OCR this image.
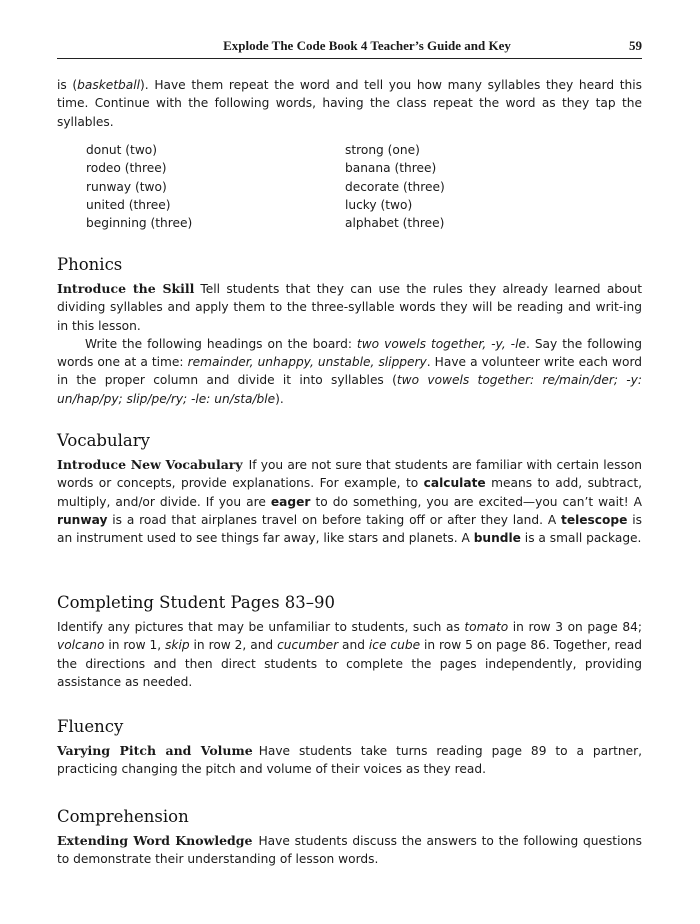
Explode The Code Book 4 Teacher’s Guide and Key	59

is (basketball). Have them repeat the word and tell you how many syllables they heard this time. Continue with the following words, having the class repeat the word as they tap the syllables.

donut (two)
rodeo (three)
runway (two)
united (three)
beginning (three)
strong (one)
banana (three)
decorate (three)
lucky (two)
alphabet (three)
Phonics

Introduce the Skill Tell students that they can use the rules they already learned about dividing syllables and apply them to the three-syllable words they will be reading and writ-ing in this lesson.

Write the following headings on the board: two vowels together, -y, -le. Say the following words one at a time: remainder, unhappy, unstable, slippery. Have a volunteer write each word in the proper column and divide it into syllables (two vowels together: re/main/der; -y: un/hap/py; slip/pe/ry; -le: un/sta/ble).

Vocabulary

Introduce New Vocabulary If you are not sure that students are familiar with certain lesson words or concepts, provide explanations. For example, to calculate means to add, subtract, multiply, and/or divide. If you are eager to do something, you are excited—you can’t wait! A runway is a road that airplanes travel on before taking off or after they land. A telescope is an instrument used to see things far away, like stars and planets. A bundle is a small package.

Completing Student Pages 83–90

Identify any pictures that may be unfamiliar to students, such as tomato in row 3 on page 84; volcano in row 1, skip in row 2, and cucumber and ice cube in row 5 on page 86. Together, read the directions and then direct students to complete the pages independently, providing assistance as needed.

Fluency

Varying Pitch and Volume Have students take turns reading page 89 to a partner, practicing changing the pitch and volume of their voices as they read.

Comprehension

Extending Word Knowledge Have students discuss the answers to the following questions to demonstrate their understanding of lesson words.
